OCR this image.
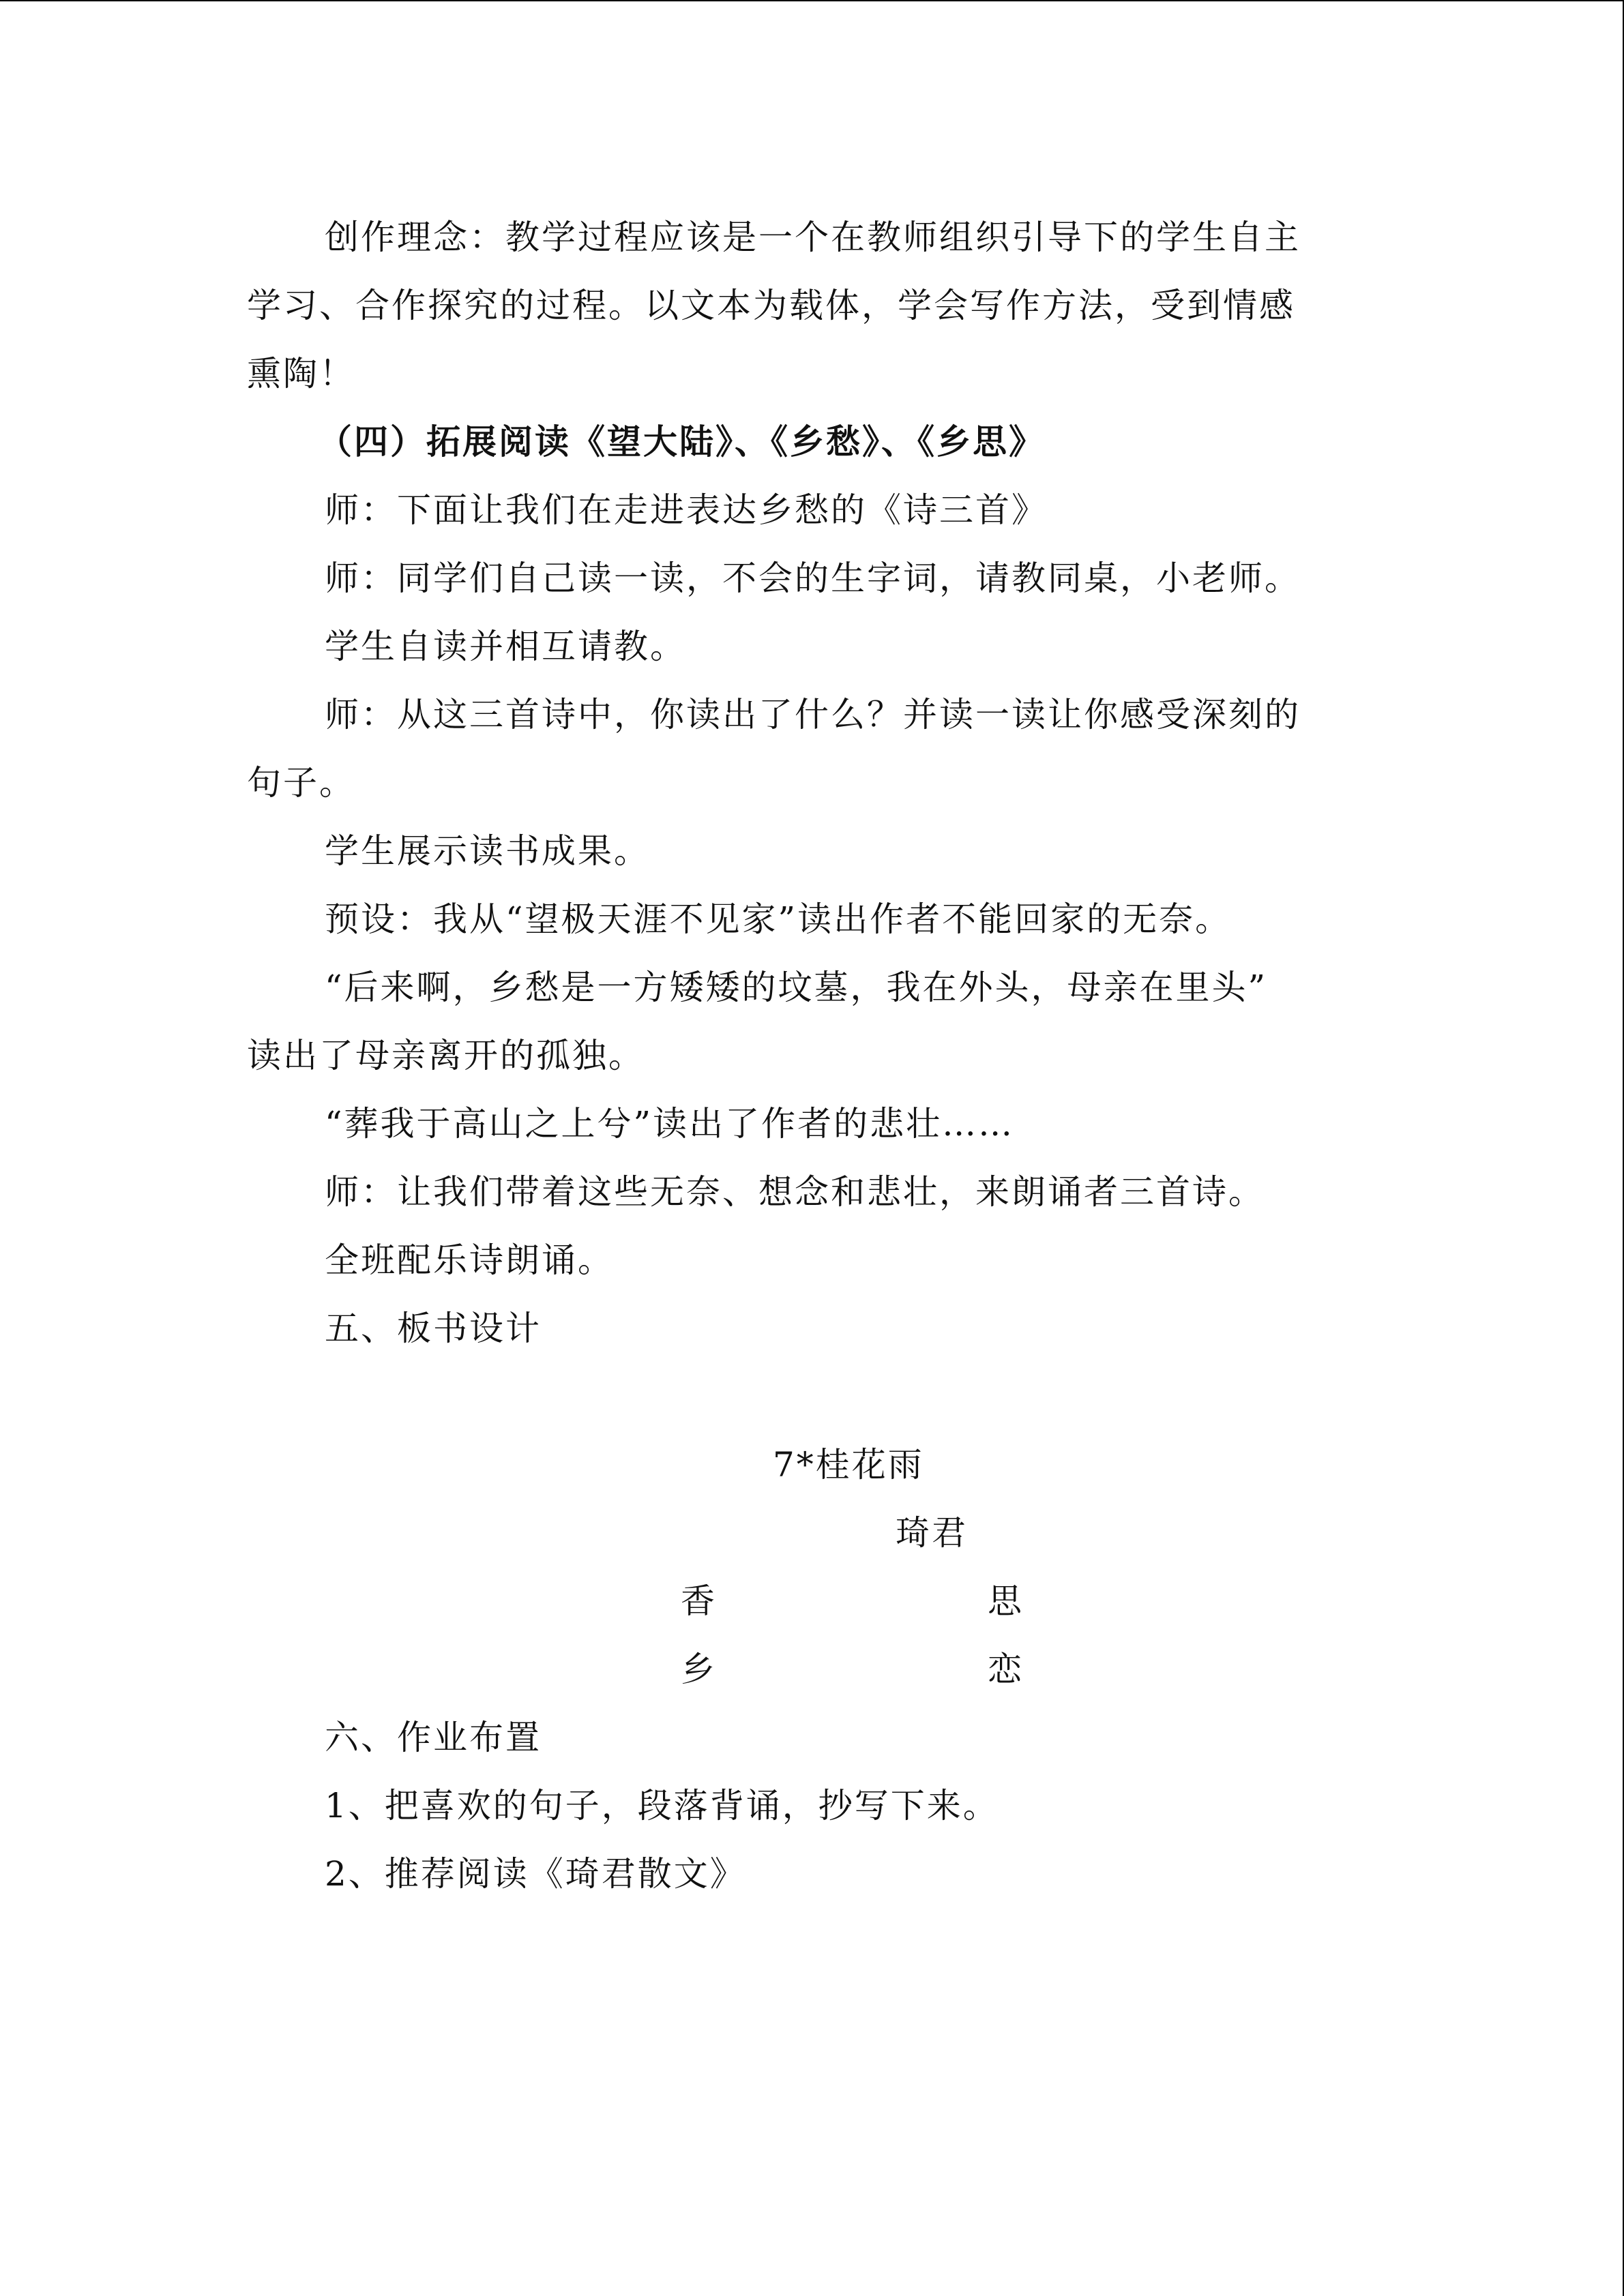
创作理念：教学过程应该是一个在教师组织引导下的学生自主
学习、合作探究的过程。以文本为载体，学会写作方法，受到情感
熏陶！
（四）拓展阅读《望大陆》、《乡愁》、《乡思》
师：下面让我们在走进表达乡愁的《诗三首》
师：同学们自己读一读，不会的生字词，请教同桌，小老师。
学生自读并相互请教。
师：从这三首诗中，你读出了什么？并读一读让你感受深刻的
句子。
学生展示读书成果。
预设：我从“望极天涯不见家”读出作者不能回家的无奈。
“后来啊，乡愁是一方矮矮的坟墓，我在外头，母亲在里头”
读出了母亲离开的孤独。
“葬我于高山之上兮”读出了作者的悲壮……
师：让我们带着这些无奈、想念和悲壮，来朗诵者三首诗。
全班配乐诗朗诵。
五、板书设计
7*桂花雨
琦君
香	思
乡	恋
六、作业布置
1、把喜欢的句子，段落背诵，抄写下来。
2、推荐阅读《琦君散文》
